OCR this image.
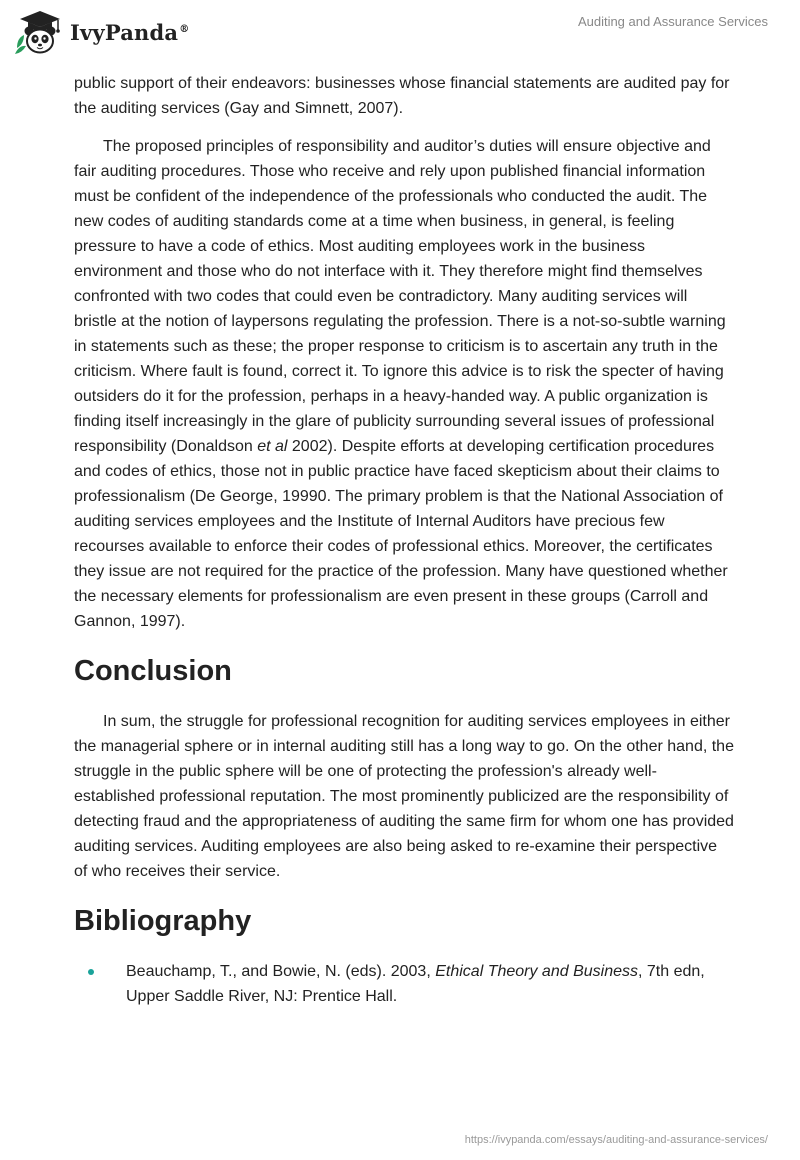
IvyPanda®	Auditing and Assurance Services

public support of their endeavors: businesses whose financial statements are audited pay for the auditing services (Gay and Simnett, 2007).

The proposed principles of responsibility and auditor’s duties will ensure objective and fair auditing procedures. Those who receive and rely upon published financial information must be confident of the independence of the professionals who conducted the audit. The new codes of auditing standards come at a time when business, in general, is feeling pressure to have a code of ethics. Most auditing employees work in the business environment and those who do not interface with it. They therefore might find themselves confronted with two codes that could even be contradictory. Many auditing services will bristle at the notion of laypersons regulating the profession. There is a not-so-subtle warning in statements such as these; the proper response to criticism is to ascertain any truth in the criticism. Where fault is found, correct it. To ignore this advice is to risk the specter of having outsiders do it for the profession, perhaps in a heavy-handed way. A public organization is finding itself increasingly in the glare of publicity surrounding several issues of professional responsibility (Donaldson et al 2002). Despite efforts at developing certification procedures and codes of ethics, those not in public practice have faced skepticism about their claims to professionalism (De George, 19990. The primary problem is that the National Association of auditing services employees and the Institute of Internal Auditors have precious few recourses available to enforce their codes of professional ethics. Moreover, the certificates they issue are not required for the practice of the profession. Many have questioned whether the necessary elements for professionalism are even present in these groups (Carroll and Gannon, 1997).

Conclusion

In sum, the struggle for professional recognition for auditing services employees in either the managerial sphere or in internal auditing still has a long way to go. On the other hand, the struggle in the public sphere will be one of protecting the profession's already well-established professional reputation. The most prominently publicized are the responsibility of detecting fraud and the appropriateness of auditing the same firm for whom one has provided auditing services. Auditing employees are also being asked to re-examine their perspective of who receives their service.

Bibliography
Beauchamp, T., and Bowie, N. (eds). 2003, Ethical Theory and Business, 7th edn, Upper Saddle River, NJ: Prentice Hall.
https://ivypanda.com/essays/auditing-and-assurance-services/
